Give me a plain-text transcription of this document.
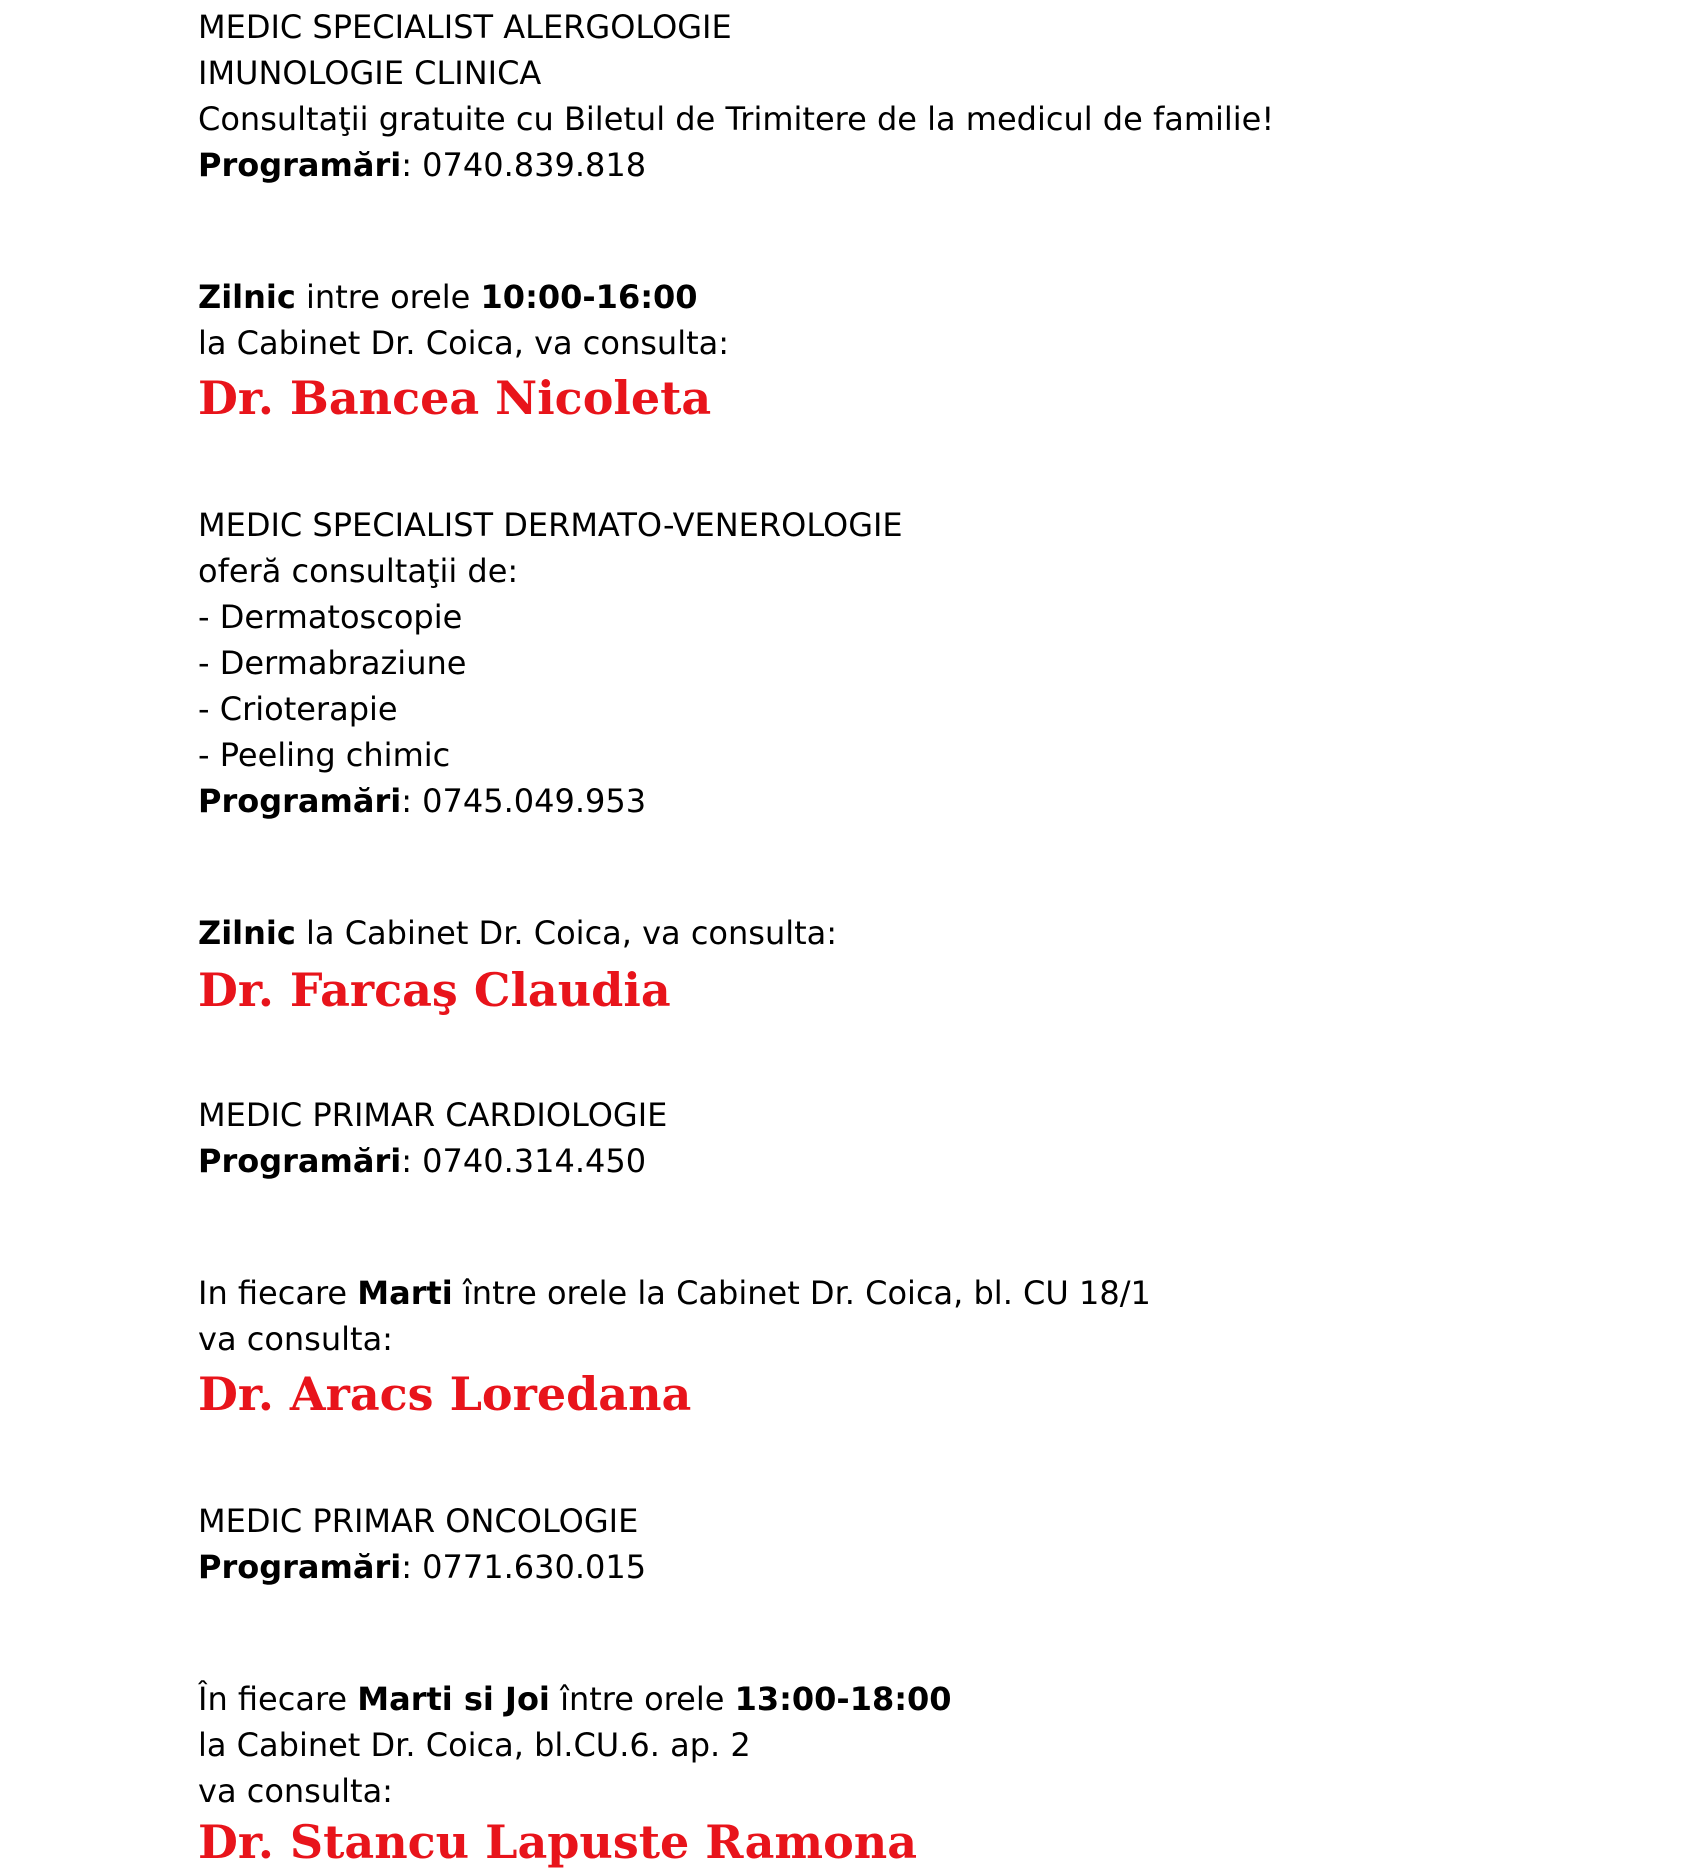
MEDIC SPECIALIST ALERGOLOGIE
IMUNOLOGIE CLINICA
Consultaţii gratuite cu Biletul de Trimitere de la medicul de familie!
Programări: 0740.839.818
Zilnic intre orele 10:00-16:00
la Cabinet Dr. Coica, va consulta:
Dr. Bancea Nicoleta
MEDIC SPECIALIST DERMATO-VENEROLOGIE
oferă consultaţii de:
- Dermatoscopie
- Dermabraziune
- Crioterapie
- Peeling chimic
Programări: 0745.049.953
Zilnic la Cabinet Dr. Coica, va consulta:
Dr. Farcaş Claudia
MEDIC PRIMAR CARDIOLOGIE
Programări: 0740.314.450
In fiecare Marti între orele la Cabinet Dr. Coica, bl. CU 18/1
va consulta:
Dr. Aracs Loredana
MEDIC PRIMAR ONCOLOGIE
Programări: 0771.630.015
În fiecare Marti si Joi între orele 13:00-18:00
la Cabinet Dr. Coica, bl.CU.6. ap. 2
va consulta:
Dr. Stancu Lapuste Ramona
